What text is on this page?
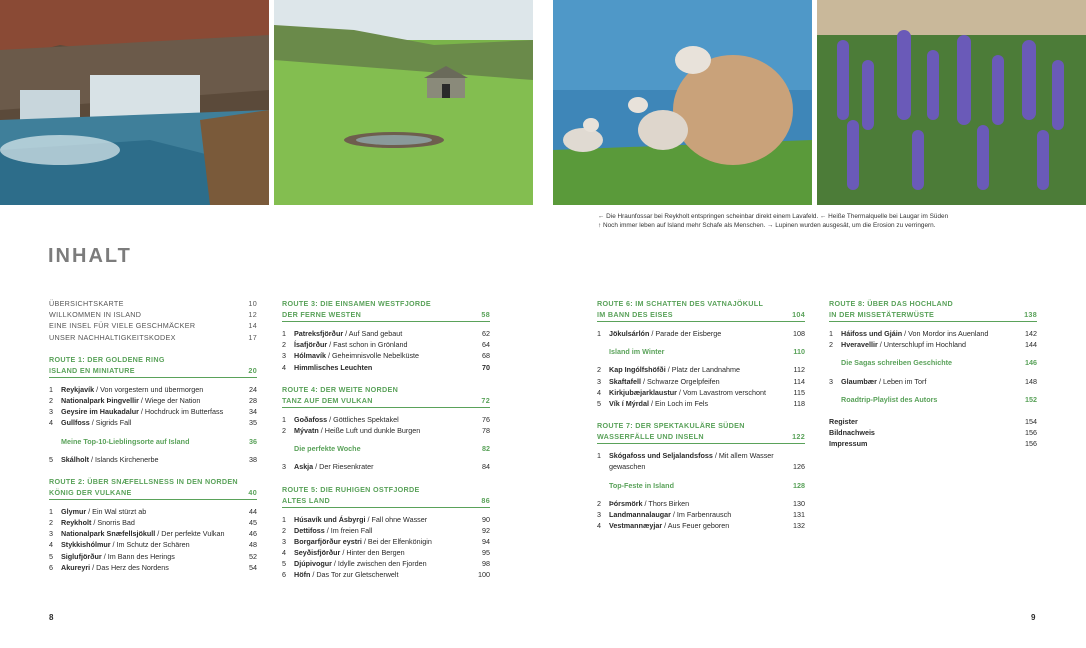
← Die Hraunfossar bei Reykholt entspringen scheinbar direkt einem Lavafeld. ← Heiße Thermalquelle bei Laugar im Süden
↑ Noch immer leben auf Island mehr Schafe als Menschen. → Lupinen wurden ausgesät, um die Erosion zu verringern.
INHALT
ÜBERSICHTSKARTE	10
WILLKOMMEN IN ISLAND	12
EINE INSEL FÜR VIELE GESCHMÄCKER	14
UNSER NACHHALTIGKEITSKODEX	17
ROUTE 1: DER GOLDENE RING
ISLAND EN MINIATURE	20
1	Reykjavík / Von vorgestern und übermorgen	24
2	Nationalpark Þingvellir / Wiege der Nation	28
3	Geysire im Haukadalur / Hochdruck im Butterfass	34
4	Gullfoss / Sigrids Fall	35
Meine Top-10-Lieblingsorte auf Island	36
5	Skálholt / Islands Kirchenerbe	38
ROUTE 2: ÜBER SNÆFELLSNESS IN DEN NORDEN
KÖNIG DER VULKANE	40
1	Glymur / Ein Wal stürzt ab	44
2	Reykholt / Snorris Bad	45
3	Nationalpark Snæfellsjökull / Der perfekte Vulkan	46
4	Stykkishólmur / Im Schutz der Schären	48
5	Siglufjörður / Im Bann des Herings	52
6	Akureyri / Das Herz des Nordens	54
ROUTE 3: DIE EINSAMEN WESTFJORDE
DER FERNE WESTEN	58
1	Patreksfjörður / Auf Sand gebaut	62
2	Ísafjörður / Fast schon in Grönland	64
3	Hólmavík / Geheimnisvolle Nebelküste	68
4	Himmlisches Leuchten	70
ROUTE 4: DER WEITE NORDEN
TANZ AUF DEM VULKAN	72
1	Goðafoss / Göttliches Spektakel	76
2	Mývatn / Heiße Luft und dunkle Burgen	78
Die perfekte Woche	82
3	Askja / Der Riesenkrater	84
ROUTE 5: DIE RUHIGEN OSTFJORDE
ALTES LAND	86
1	Húsavík und Ásbyrgi / Fall ohne Wasser	90
2	Dettifoss / Im freien Fall	92
3	Borgarfjörður eystri / Bei der Elfenkönigin	94
4	Seyðisfjörður / Hinter den Bergen	95
5	Djúpivogur / Idylle zwischen den Fjorden	98
6	Höfn / Das Tor zur Gletscherwelt	100
ROUTE 6: IM SCHATTEN DES VATNAJÖKULL
IM BANN DES EISES	104
1	Jökulsárlón / Parade der Eisberge	108
Island im Winter	110
2	Kap Ingólfshöfði / Platz der Landnahme	112
3	Skaftafell / Schwarze Orgelpfeifen	114
4	Kirkjubæjarklaustur / Vom Lavastrom verschont	115
5	Vík í Mýrdal / Ein Loch im Fels	118
ROUTE 7: DER SPEKTAKULÄRE SÜDEN
WASSERFÄLLE UND INSELN	122
1	Skógafoss und Seljalandsfoss / Mit allem Wasser
gewaschen	126
Top-Feste in Island	128
2	Þórsmörk / Thors Birken	130
3	Landmannalaugar / Im Farbenrausch	131
4	Vestmannæyjar / Aus Feuer geboren	132
ROUTE 8: ÜBER DAS HOCHLAND
IN DER MISSETÄTERWÜSTE	138
1	Háifoss und Gjáin / Von Mordor ins Auenland	142
2	Hveravellir / Unterschlupf im Hochland	144
Die Sagas schreiben Geschichte	146
3	Glaumbær / Leben im Torf	148
Roadtrip-Playlist des Autors	152
Register	154
Bildnachweis	156
Impressum	156
8	9
